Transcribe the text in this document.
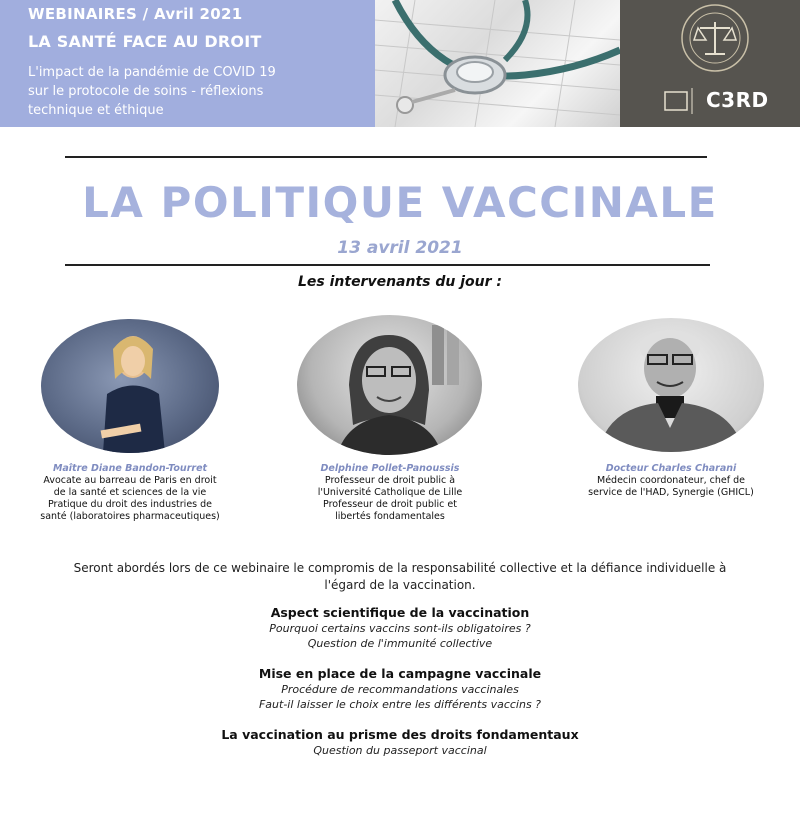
WEBINAIRES / Avril 2021
LA SANTÉ FACE AU DROIT
L'impact de la pandémie de COVID 19
sur le protocole de soins - réflexions
technique et éthique	C3RD
LA POLITIQUE VACCINALE
13 avril 2021
Les intervenants du jour :
Maître Diane Bandon-Tourret
Avocate au barreau de Paris en droit
de la santé et sciences de la vie
Pratique du droit des industries de
santé (laboratoires pharmaceutiques)
Delphine Pollet-Panoussis
Professeur de droit public à
l'Université Catholique de Lille
Professeur de droit public et
libertés fondamentales
Docteur Charles Charani
Médecin coordonateur, chef de
service de l'HAD, Synergie (GHICL)
Seront abordés lors de ce webinaire le compromis de la responsabilité collective et la défiance individuelle à
l'égard de la vaccination.
Aspect scientifique de la vaccination
Pourquoi certains vaccins sont-ils obligatoires ?
Question de l'immunité collective
Mise en place de la campagne vaccinale
Procédure de recommandations vaccinales
Faut-il laisser le choix entre les différents vaccins ?
La vaccination au prisme des droits fondamentaux
Question du passeport vaccinal
